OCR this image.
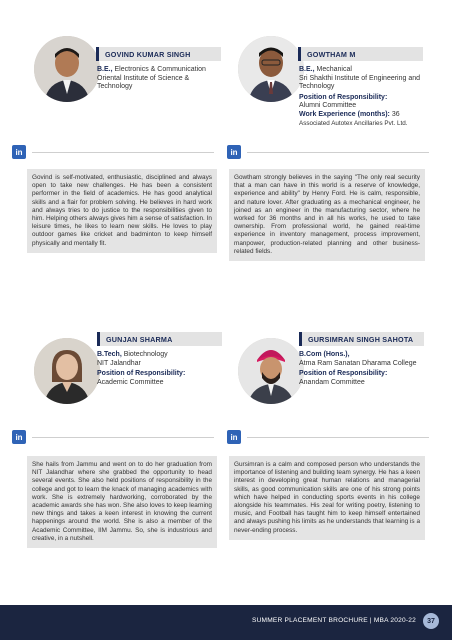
GOVIND KUMAR SINGH
B.E., Electronics & Communication
Oriental Institute of Science & Technology
in
Govind is self-motivated, enthusiastic, disciplined and always open to take new challenges. He has been a consistent performer in the field of academics. He has good analytical skills and a flair for problem solving. He believes in hard work and always tries to do justice to the responsibilities given to him. Helping others always gives him a sense of satisfaction. In leisure times, he likes to learn new skills. He loves to play outdoor games like cricket and badminton to keep himself physically and mentally fit.
GOWTHAM M
B.E., Mechanical
Sri Shakthi Institute of Engineering and Technology
Position of Responsibility:
Alumni Committee
Work Experience (months): 36
Associated Autotex Ancillaries Pvt. Ltd.
in
Gowtham strongly believes in the saying "The only real security that a man can have in this world is a reserve of knowledge, experience and ability" by Henry Ford. He is calm, responsible, and nature lover. After graduating as a mechanical engineer, he joined as an engineer in the manufacturing sector, where he worked for 36 months and in all his works, he used to take ownership. From professional world, he gained real-time experience in inventory management, process improvement, manpower, production-related planning and other business-related fields.
GUNJAN SHARMA
B.Tech, Biotechnology
NIT Jalandhar
Position of Responsibility:
Academic Committee
in
She hails from Jammu and went on to do her graduation from NIT Jalandhar where she grabbed the opportunity to head several events. She also held positions of responsibility in the college and got to learn the knack of managing academics with work. She is extremely hardworking, corroborated by the academic awards she has won. She also loves to keep learning new things and takes a keen interest in knowing the current happenings around the world. She is also a member of the Academic Committee, IIM Jammu. So, she is industrious and creative, in a nutshell.
GURSIMRAN SINGH SAHOTA
B.Com (Hons.),
Atma Ram Sanatan Dharama College
Position of Responsibility:
Anandam Committee
in
Gursimran is a calm and composed person who understands the importance of listening and building team synergy. He has a keen interest in developing great human relations and managerial skills, as good communication skills are one of his strong points which have helped in conducting sports events in his college alongside his teammates. His zeal for writing poetry, listening to music, and Football has taught him to keep himself entertained and always pushing his limits as he understands that learning is a never-ending process.
SUMMER PLACEMENT BROCHURE | MBA 2020-22	37
